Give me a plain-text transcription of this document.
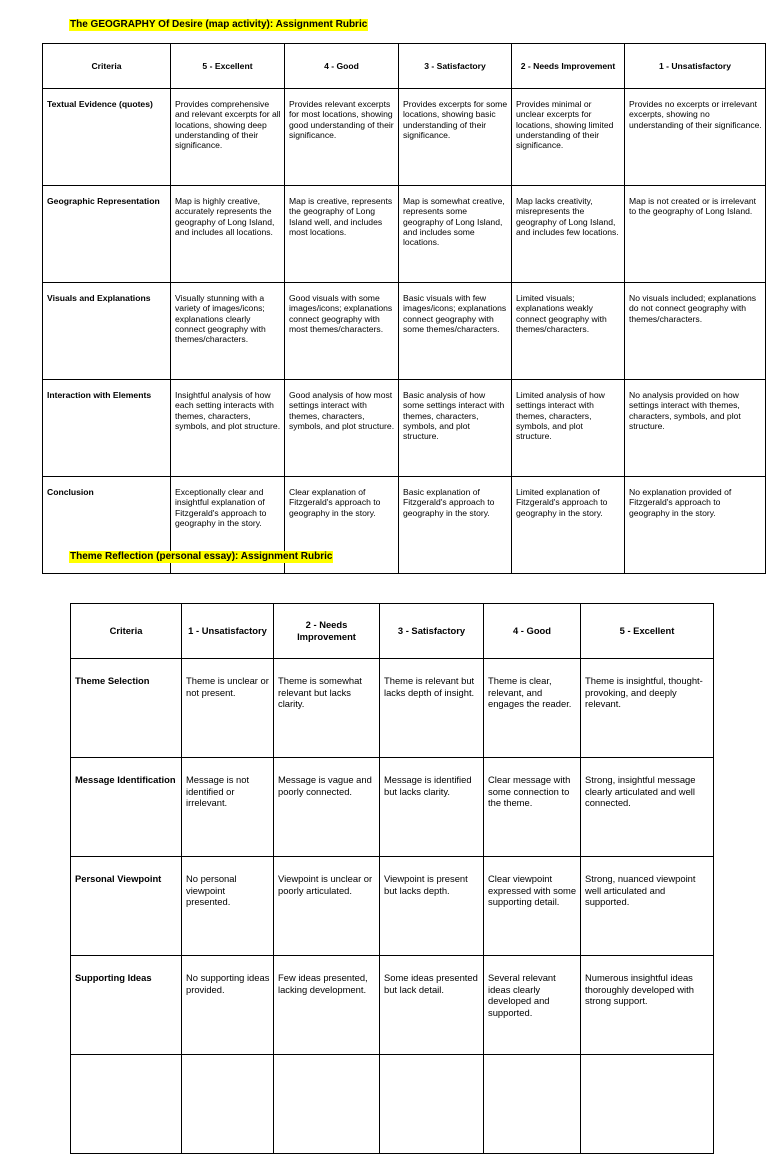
The GEOGRAPHY Of Desire (map activity): Assignment Rubric
Criteria	5 - Excellent	4 - Good	3 - Satisfactory	2 - Needs Improvement	1 - Unsatisfactory
Textual Evidence (quotes)	Provides comprehensive and relevant excerpts for all locations, showing deep understanding of their significance.	Provides relevant excerpts for most locations, showing good understanding of their significance.	Provides excerpts for some locations, showing basic understanding of their significance.	Provides minimal or unclear excerpts for locations, showing limited understanding of their significance.	Provides no excerpts or irrelevant excerpts, showing no understanding of their significance.
Geographic Representation	Map is highly creative, accurately represents the geography of Long Island, and includes all locations.	Map is creative, represents the geography of Long Island well, and includes most locations.	Map is somewhat creative, represents some geography of Long Island, and includes some locations.	Map lacks creativity, misrepresents the geography of Long Island, and includes few locations.	Map is not created or is irrelevant to the geography of Long Island.
Visuals and Explanations	Visually stunning with a variety of images/icons; explanations clearly connect geography with themes/characters.	Good visuals with some images/icons; explanations connect geography with most themes/characters.	Basic visuals with few images/icons; explanations connect geography with some themes/characters.	Limited visuals; explanations weakly connect geography with themes/characters.	No visuals included; explanations do not connect geography with themes/characters.
Interaction with Elements	Insightful analysis of how each setting interacts with themes, characters, symbols, and plot structure.	Good analysis of how most settings interact with themes, characters, symbols, and plot structure.	Basic analysis of how some settings interact with themes, characters, symbols, and plot structure.	Limited analysis of how settings interact with themes, characters, symbols, and plot structure.	No analysis provided on how settings interact with themes, characters, symbols, and plot structure.
Conclusion	Exceptionally clear and insightful explanation of Fitzgerald's approach to geography in the story.	Clear explanation of Fitzgerald's approach to geography in the story.	Basic explanation of Fitzgerald's approach to geography in the story.	Limited explanation of Fitzgerald's approach to geography in the story.	No explanation provided of Fitzgerald's approach to geography in the story.
Theme Reflection (personal essay): Assignment Rubric
Criteria	1 - Unsatisfactory	2 - Needs Improvement	3 - Satisfactory	4 - Good	5 - Excellent
Theme Selection	Theme is unclear or not present.	Theme is somewhat relevant but lacks clarity.	Theme is relevant but lacks depth of insight.	Theme is clear, relevant, and engages the reader.	Theme is insightful, thought-provoking, and deeply relevant.
Message Identification	Message is not identified or irrelevant.	Message is vague and poorly connected.	Message is identified but lacks clarity.	Clear message with some connection to the theme.	Strong, insightful message clearly articulated and well connected.
Personal Viewpoint	No personal viewpoint presented.	Viewpoint is unclear or poorly articulated.	Viewpoint is present but lacks depth.	Clear viewpoint expressed with some supporting detail.	Strong, nuanced viewpoint well articulated and supported.
Supporting Ideas	No supporting ideas provided.	Few ideas presented, lacking development.	Some ideas presented but lack detail.	Several relevant ideas clearly developed and supported.	Numerous insightful ideas thoroughly developed with strong support.
